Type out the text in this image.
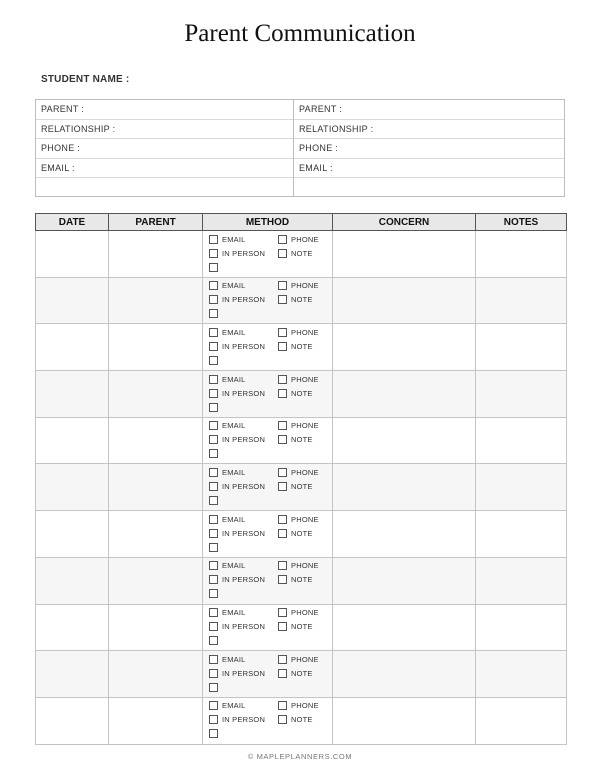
Parent Communication
STUDENT NAME :
PARENT :
RELATIONSHIP :
PHONE :
EMAIL :
PARENT :
RELATIONSHIP :
PHONE :
EMAIL :
DATE	PARENT	METHOD	CONCERN	NOTES

		EMAIL PHONE
IN PERSON NOTE		

		EMAIL PHONE
IN PERSON NOTE		

		EMAIL PHONE
IN PERSON NOTE		

		EMAIL PHONE
IN PERSON NOTE		

		EMAIL PHONE
IN PERSON NOTE		

		EMAIL PHONE
IN PERSON NOTE		

		EMAIL PHONE
IN PERSON NOTE		

		EMAIL PHONE
IN PERSON NOTE		

		EMAIL PHONE
IN PERSON NOTE		

		EMAIL PHONE
IN PERSON NOTE		

		EMAIL PHONE
IN PERSON NOTE		

© MAPLEPLANNERS.COM
